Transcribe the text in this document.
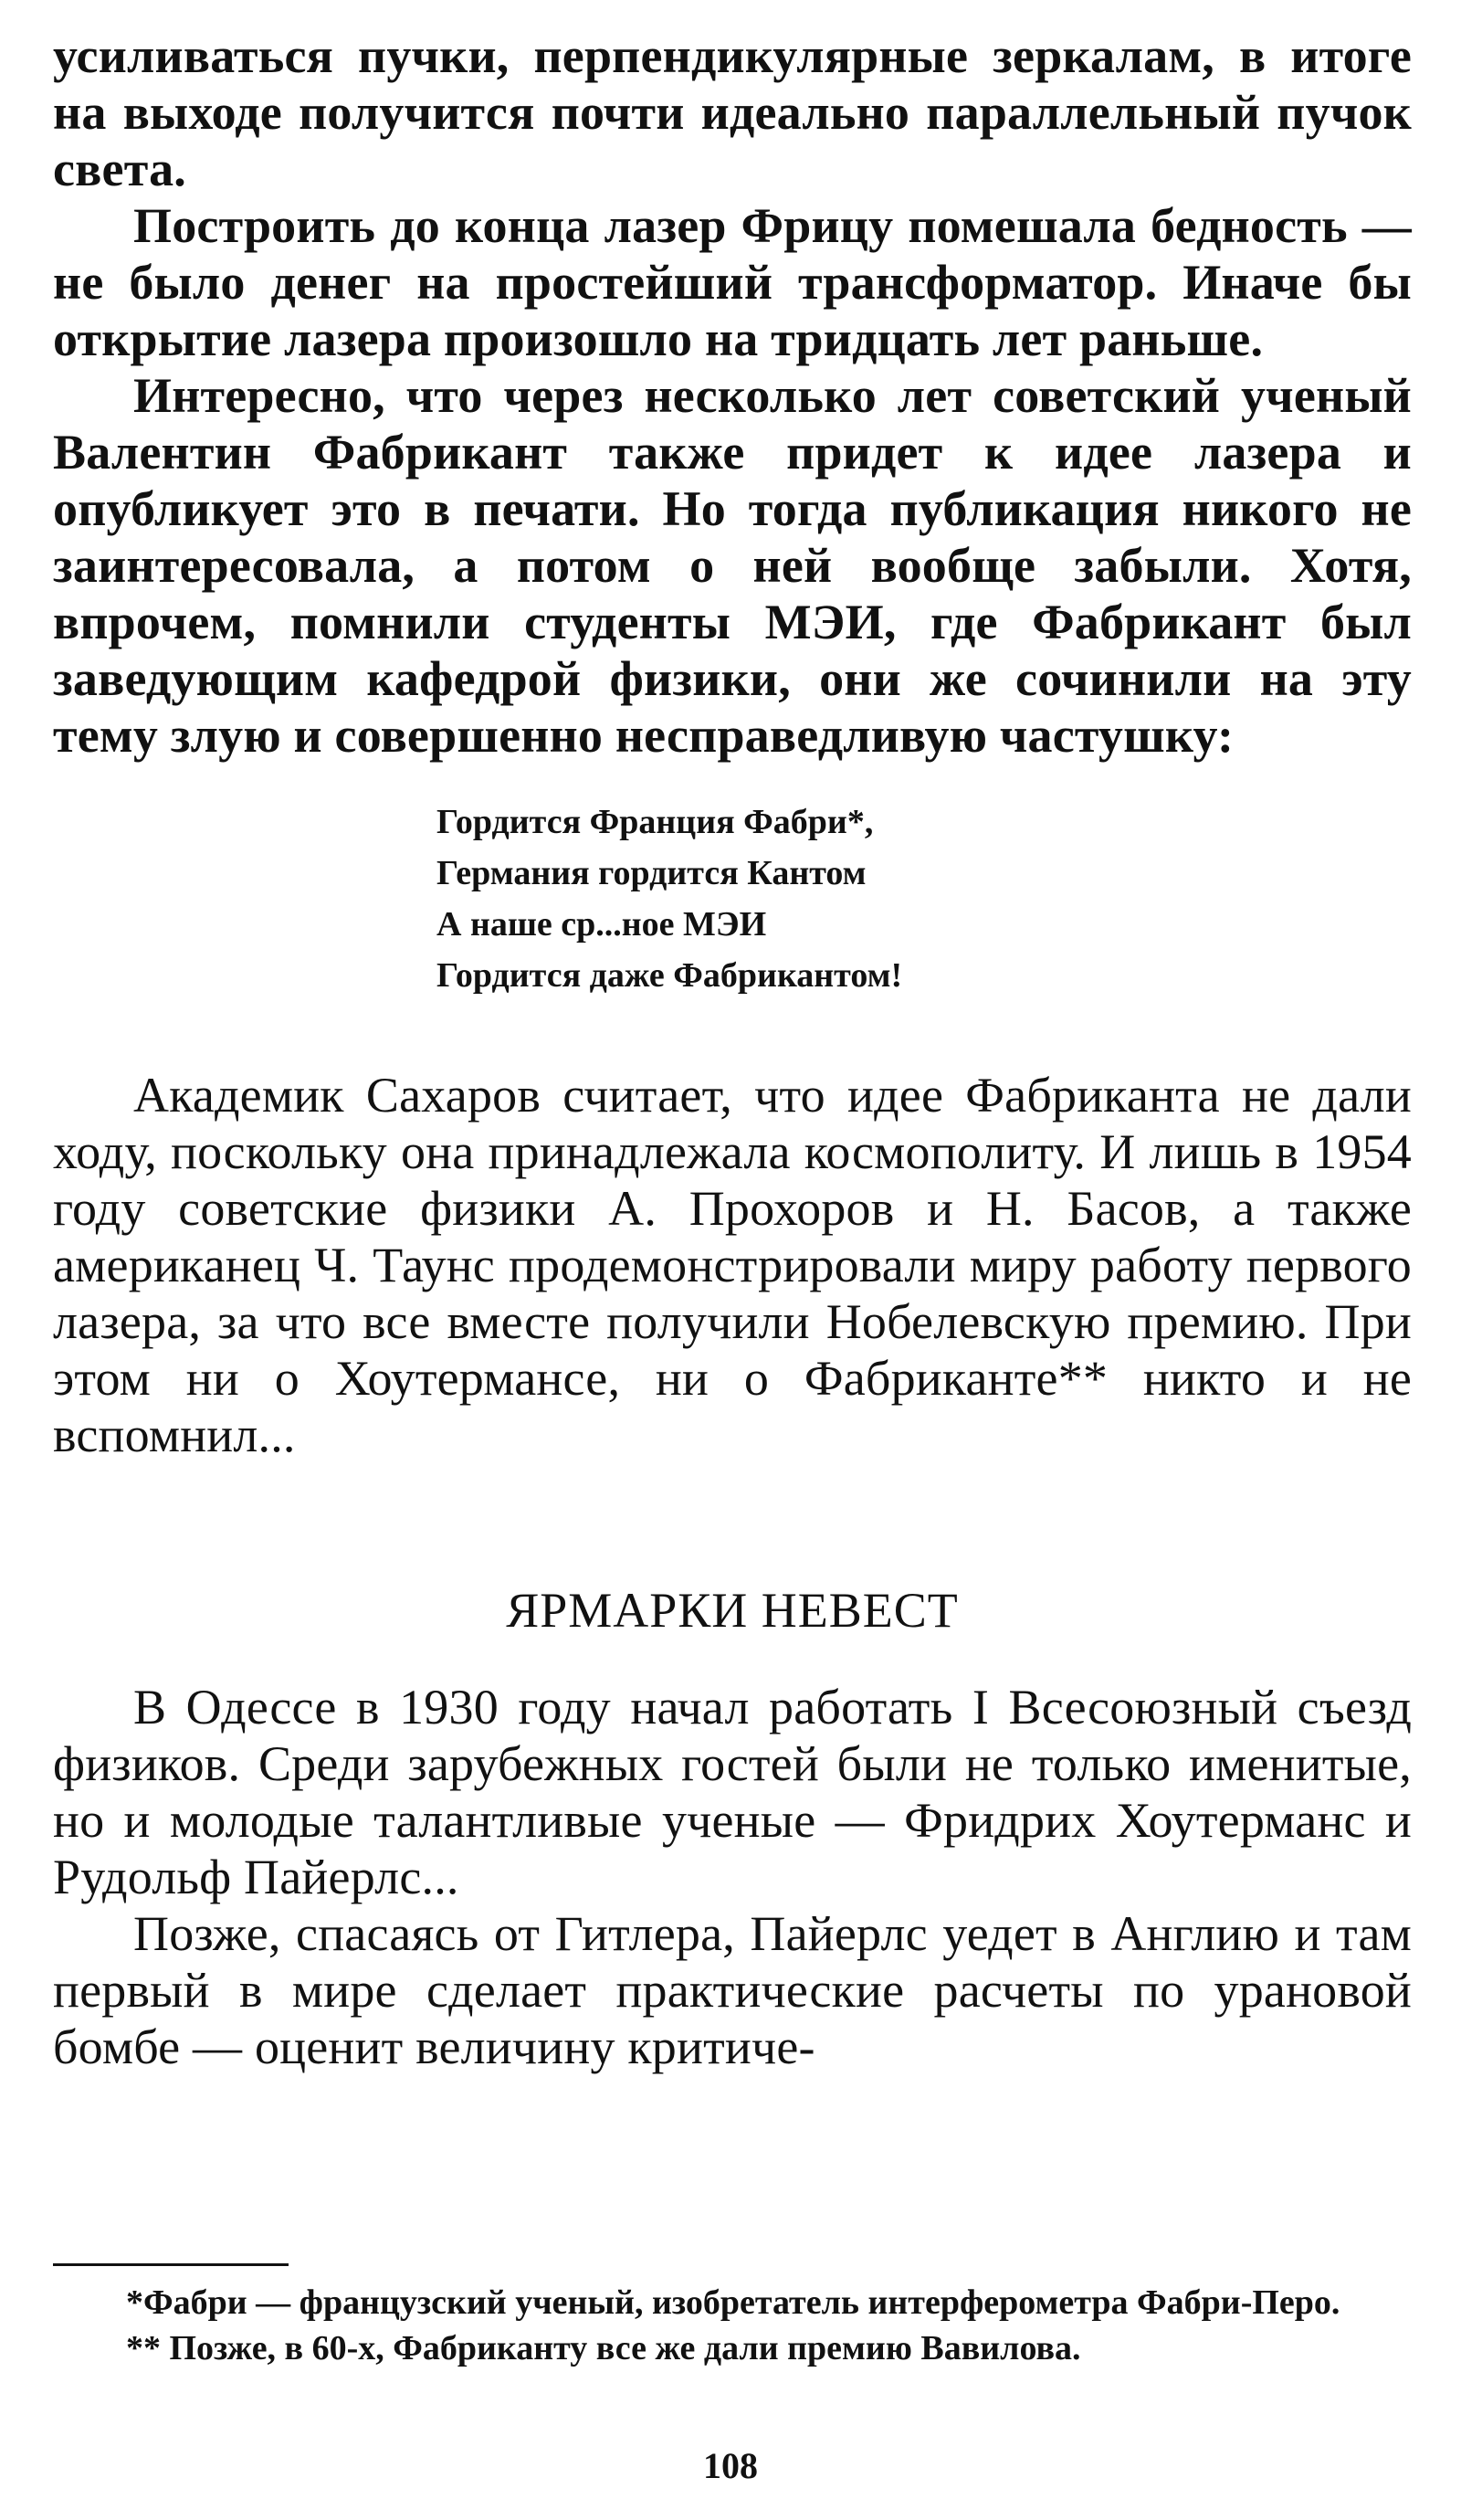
усиливаться пучки, перпендикулярные зеркалам, в итоге на выходе получится почти идеально параллельный пучок света.

Построить до конца лазер Фрицу помешала бедность — не было денег на простейший трансформатор. Иначе бы открытие лазера произошло на тридцать лет раньше.

Интересно, что через несколько лет советский ученый Валентин Фабрикант также придет к идее лазера и опубликует это в печати. Но тогда публикация никого не заинтересовала, а потом о ней вообще забыли. Хотя, впрочем, помнили студенты МЭИ, где Фабрикант был заведующим кафедрой физики, они же сочинили на эту тему злую и совершенно несправедливую частушку:

Гордится Франция Фабри*,
Германия гордится Кантом
А наше ср...ное МЭИ
Гордится даже Фабрикантом!

Академик Сахаров считает, что идее Фабриканта не дали ходу, поскольку она принадлежала космополиту. И лишь в 1954 году советские физики А. Прохоров и Н. Басов, а также американец Ч. Таунс продемонстрировали миру работу первого лазера, за что все вместе получили Нобелевскую премию. При этом ни о Хоутермансе, ни о Фабриканте** никто и не вспомнил...

ЯРМАРКИ НЕВЕСТ

В Одессе в 1930 году начал работать I Всесоюзный съезд физиков. Среди зарубежных гостей были не только именитые, но и молодые талантливые ученые — Фридрих Хоутерманс и Рудольф Пайерлс...

Позже, спасаясь от Гитлера, Пайерлс уедет в Англию и там первый в мире сделает практические расчеты по урановой бомбе — оценит величину критиче-

*Фабри — французский ученый, изобретатель интерферометра Фабри-Перо.

** Позже, в 60-х, Фабриканту все же дали премию Вавилова.

108
